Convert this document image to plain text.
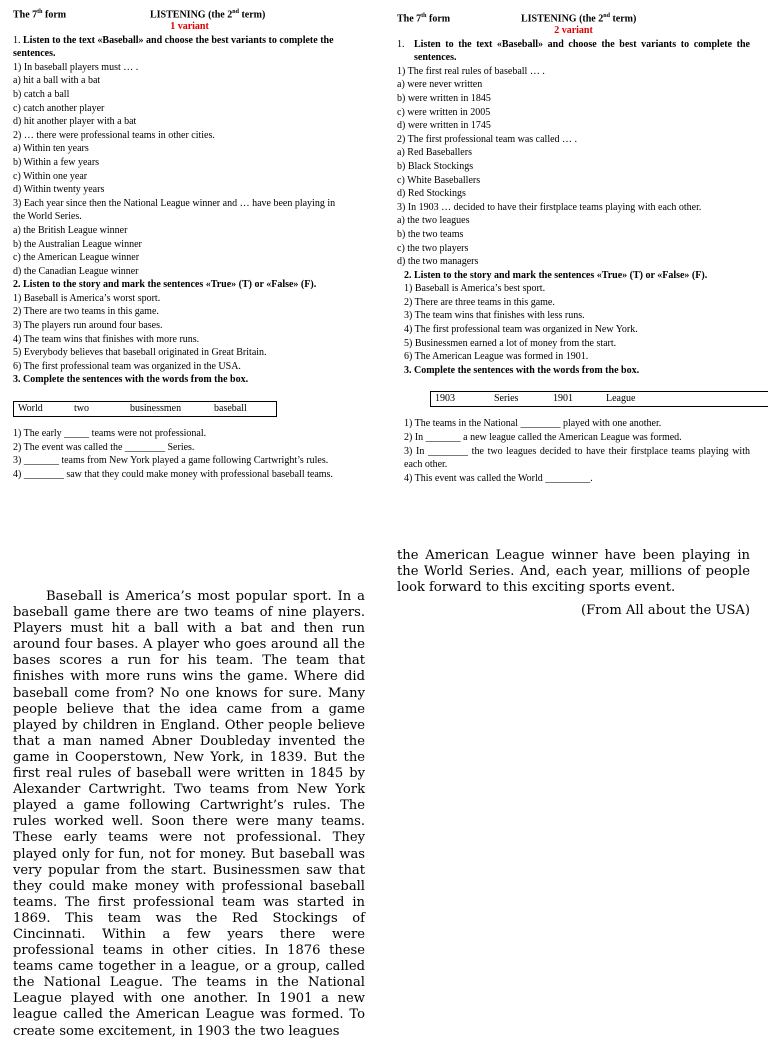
The 7th form	LISTENING (the 2nd term)
1 variant
1. Listen to the text «Baseball» and choose the best variants to complete the sentences.
1) In baseball players must … .
a) hit a ball with a bat
b) catch a ball
c) catch another player
d) hit another player with a bat
2) … there were professional teams in other cities.
a) Within ten years
b) Within a few years
c) Within one year
d) Within twenty years
3) Each year since then the National League winner and … have been playing in
the World Series.
a) the British League winner
b) the Australian League winner
c) the American League winner
d) the Canadian League winner
2. Listen to the story and mark the sentences «True» (T) or «False» (F).
1) Baseball is America’s worst sport.
2) There are two teams in this game.
3) The players run around four bases.
4) The team wins that finishes with more runs.
5) Everybody believes that baseball originated in Great Britain.
6) The first professional team was organized in the USA.
3. Complete the sentences with the words from the box.
World	two	businessmen	baseball
1) The early _____ teams were not professional.
2) The event was called the ________ Series.
3) _______ teams from New York played a game following Cartwright’s rules.
4) ________ saw that they could make money with professional baseball teams.
The 7th form	LISTENING (the 2nd term)
2 variant
1. Listen to the text «Baseball» and choose the best variants to complete the sentences.
1) The first real rules of baseball … .
a) were never written
b) were written in 1845
c) were written in 2005
d) were written in 1745
2) The first professional team was called … .
a) Red Baseballers
b) Black Stockings
c) White Baseballers
d) Red Stockings
3) In 1903 … decided to have their firstplace teams playing with each other.
a) the two leagues
b) the two teams
c) the two players
d) the two managers
2. Listen to the story and mark the sentences «True» (T) or «False» (F).
1) Baseball is America’s best sport.
2) There are three teams in this game.
3) The team wins that finishes with less runs.
4) The first professional team was organized in New York.
5) Businessmen earned a lot of money from the start.
6) The American League was formed in 1901.
3. Complete the sentences with the words from the box.
1903	Series	1901	League
1) The teams in the National ________ played with one another.
2) In _______ a new league called the American League was formed.
3) In ________ the two leagues decided to have their firstplace teams playing with each other.
4) This event was called the World _________.
Baseball is America’s most popular sport. In a baseball game there are two teams of nine players. Players must hit a ball with a bat and then run around four bases. A player who goes around all the bases scores a run for his team. The team that finishes with more runs wins the game. Where did baseball come from? No one knows for sure. Many people believe that the idea came from a game played by children in England. Other people believe that a man named Abner Doubleday invented the game in Cooperstown, New York, in 1839. But the first real rules of baseball were written in 1845 by Alexander Cartwright. Two teams from New York played a game following Cartwright’s rules. The rules worked well. Soon there were many teams. These early teams were not professional. They played only for fun, not for money. But baseball was very popular from the start. Businessmen saw that they could make money with professional baseball teams. The first professional team was started in 1869. This team was the Red Stockings of Cincinnati. Within a few years there were professional teams in other cities. In 1876 these teams came together in a league, or a group, called the National League. The teams in the National League played with one another. In 1901 a new league called the American League was formed. To create some excitement, in 1903 the two leagues
the American League winner have been playing in the World Series. And, each year, millions of people look forward to this exciting sports event.
(From All about the USA)
